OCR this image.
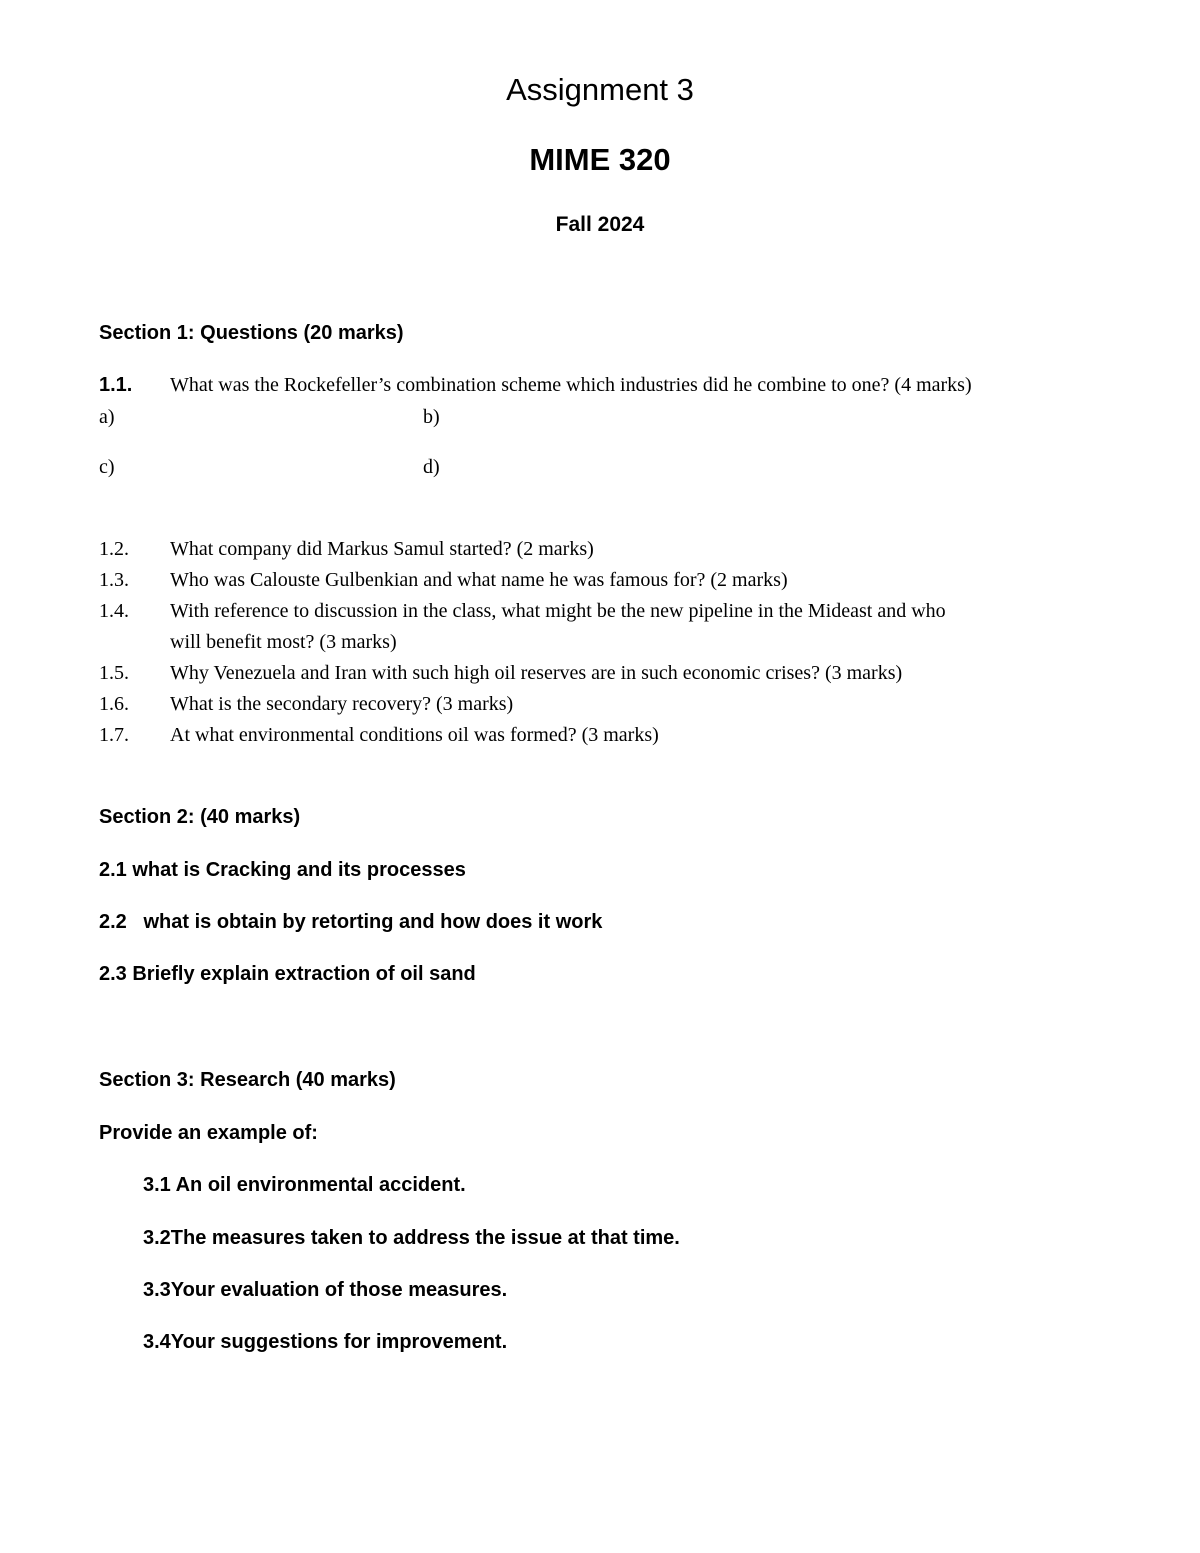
Assignment 3
MIME 320
Fall 2024
Section 1: Questions (20 marks)
1.1. What was the Rockefeller’s combination scheme which industries did he combine to one? (4 marks)
a)	b)
c)	d)
1.2. What company did Markus Samul started? (2 marks)
1.3. Who was Calouste Gulbenkian and what name he was famous for? (2 marks)
1.4. With reference to discussion in the class, what might be the new pipeline in the Mideast and who
will benefit most? (3 marks)
1.5. Why Venezuela and Iran with such high oil reserves are in such economic crises? (3 marks)
1.6. What is the secondary recovery? (3 marks)
1.7. At what environmental conditions oil was formed? (3 marks)
Section 2: (40 marks)
2.1 what is Cracking and its processes
2.2   what is obtain by retorting and how does it work
2.3 Briefly explain extraction of oil sand
Section 3: Research (40 marks)
Provide an example of:
3.1 An oil environmental accident.
3.2The measures taken to address the issue at that time.
3.3Your evaluation of those measures.
3.4Your suggestions for improvement.
